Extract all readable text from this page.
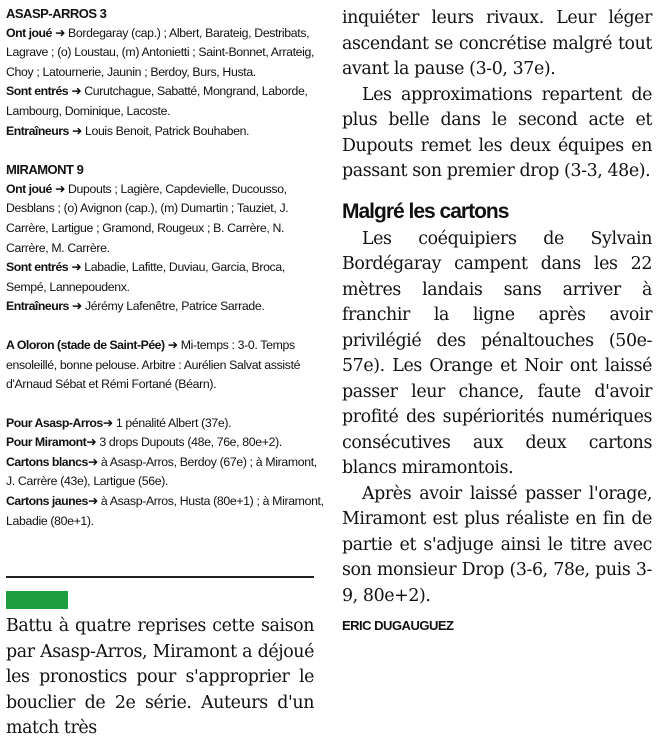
ASASP-ARROS 3

Ont joué ➜ Bordegaray (cap.) ; Albert, Barateig, Destribats, Lagrave ; (o) Loustau, (m) Antonietti ; Saint-Bonnet, Arrateig, Choy ; Latournerie, Jaunin ; Berdoy, Burs, Husta.

Sont entrés ➜ Curutchague, Sabatté, Mongrand, Laborde, Lambourg, Dominique, Lacoste.

Entraîneurs ➜ Louis Benoit, Patrick Bouhaben.

MIRAMONT 9

Ont joué ➜ Dupouts ; Lagière, Capdevielle, Ducousso, Desblans ; (o) Avignon (cap.), (m) Dumartin ; Tauziet, J. Carrère, Lartigue ; Gramond, Rougeux ; B. Carrère, N. Carrère, M. Carrère.

Sont entrés ➜ Labadie, Lafitte, Duviau, Garcia, Broca, Sempé, Lannepoudenx.

Entraîneurs ➜ Jérémy Lafenêtre, Patrice Sarrade.

A Oloron (stade de Saint-Pée) ➜ Mi-temps : 3-0. Temps ensoleillé, bonne pelouse. Arbitre : Aurélien Salvat assisté d'Arnaud Sébat et Rémi Fortané (Béarn).

Pour Asasp-Arros➜ 1 pénalité Albert (37e).

Pour Miramont➜ 3 drops Dupouts (48e, 76e, 80e+2).

Cartons blancs➜ à Asasp-Arros, Berdoy (67e) ; à Miramont, J. Carrère (43e), Lartigue (56e).

Cartons jaunes➜ à Asasp-Arros, Husta (80e+1) ; à Miramont, Labadie (80e+1).

Battu à quatre reprises cette saison par Asasp-Arros, Miramont a déjoué les pronostics pour s'approprier le bouclier de 2e série. Auteurs d'un match très

inquiéter leurs rivaux. Leur léger ascendant se concrétise malgré tout avant la pause (3-0, 37e).

Les approximations repartent de plus belle dans le second acte et Dupouts remet les deux équipes en passant son premier drop (3-3, 48e).

Malgré les cartons

Les coéquipiers de Sylvain Bordégaray campent dans les 22 mètres landais sans arriver à franchir la ligne après avoir privilégié des pénaltouches (50e-57e). Les Orange et Noir ont laissé passer leur chance, faute d'avoir profité des supériorités numériques consécutives aux deux cartons blancs miramontois.

Après avoir laissé passer l'orage, Miramont est plus réaliste en fin de partie et s'adjuge ainsi le titre avec son monsieur Drop (3-6, 78e, puis 3-9, 80e+2).

ERIC DUGAUGUEZ
